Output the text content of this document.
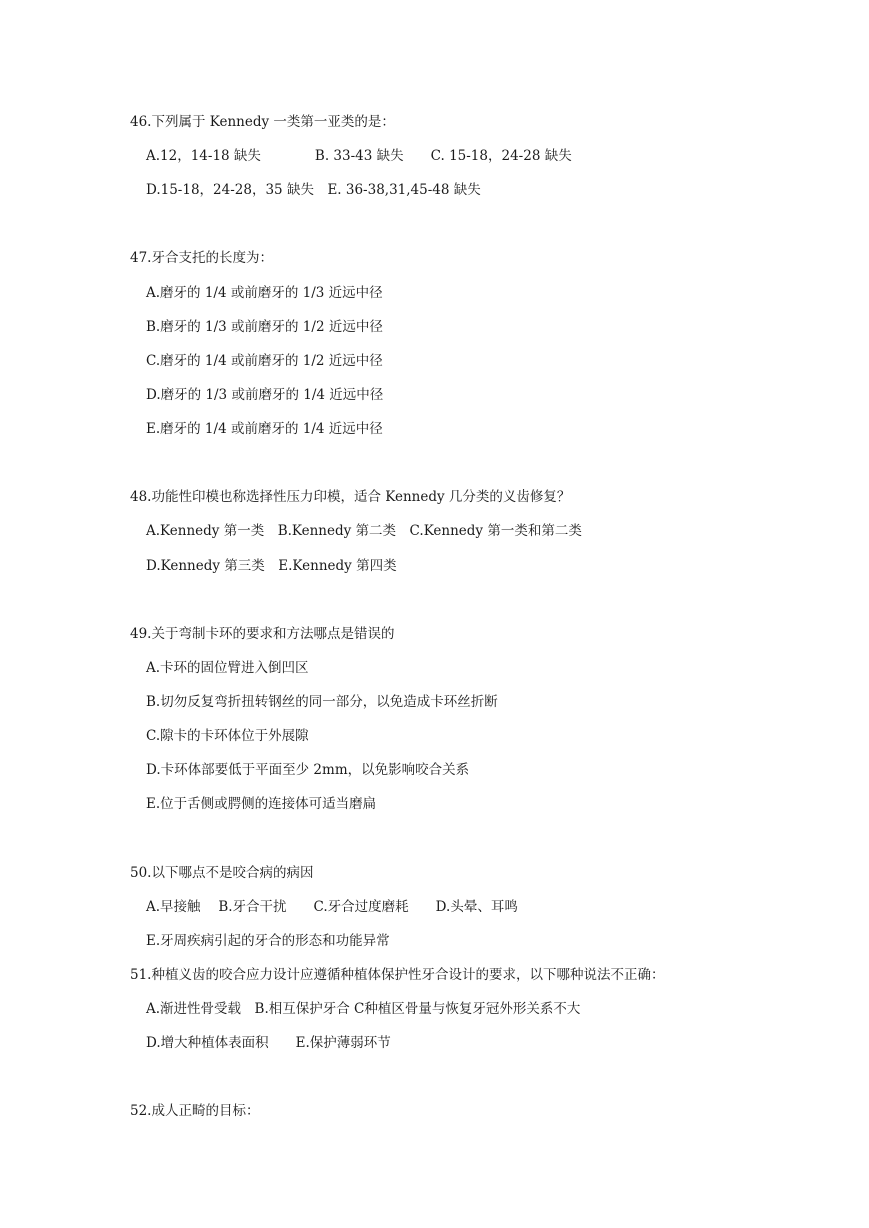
46.下列属于 Kennedy 一类第一亚类的是：
A.12，14-18 缺失　　　　B. 33-43 缺失　　C. 15-18，24-28 缺失
D.15-18，24-28，35 缺失　E. 36-38,31,45-48 缺失
47.牙合支托的长度为：
A.磨牙的 1/4 或前磨牙的 1/3 近远中径
B.磨牙的 1/3 或前磨牙的 1/2 近远中径
C.磨牙的 1/4 或前磨牙的 1/2 近远中径
D.磨牙的 1/3 或前磨牙的 1/4 近远中径
E.磨牙的 1/4 或前磨牙的 1/4 近远中径
48.功能性印模也称选择性压力印模，适合 Kennedy 几分类的义齿修复？
A.Kennedy 第一类　B.Kennedy 第二类　C.Kennedy 第一类和第二类
D.Kennedy 第三类　E.Kennedy 第四类
49.关于弯制卡环的要求和方法哪点是错误的
A.卡环的固位臂进入倒凹区
B.切勿反复弯折扭转钢丝的同一部分，以免造成卡环丝折断
C.隙卡的卡环体位于外展隙
D.卡环体部要低于平面至少 2mm，以免影响咬合关系
E.位于舌侧或腭侧的连接体可适当磨扁
50.以下哪点不是咬合病的病因
A.早接触　 B.牙合干扰　　C.牙合过度磨耗　　D.头晕、耳鸣
E.牙周疾病引起的牙合的形态和功能异常
51.种植义齿的咬合应力设计应遵循种植体保护性牙合设计的要求，以下哪种说法不正确：
A.渐进性骨受载　B.相互保护牙合 C种植区骨量与恢复牙冠外形关系不大
D.增大种植体表面积　　E.保护薄弱环节
52.成人正畸的目标：
